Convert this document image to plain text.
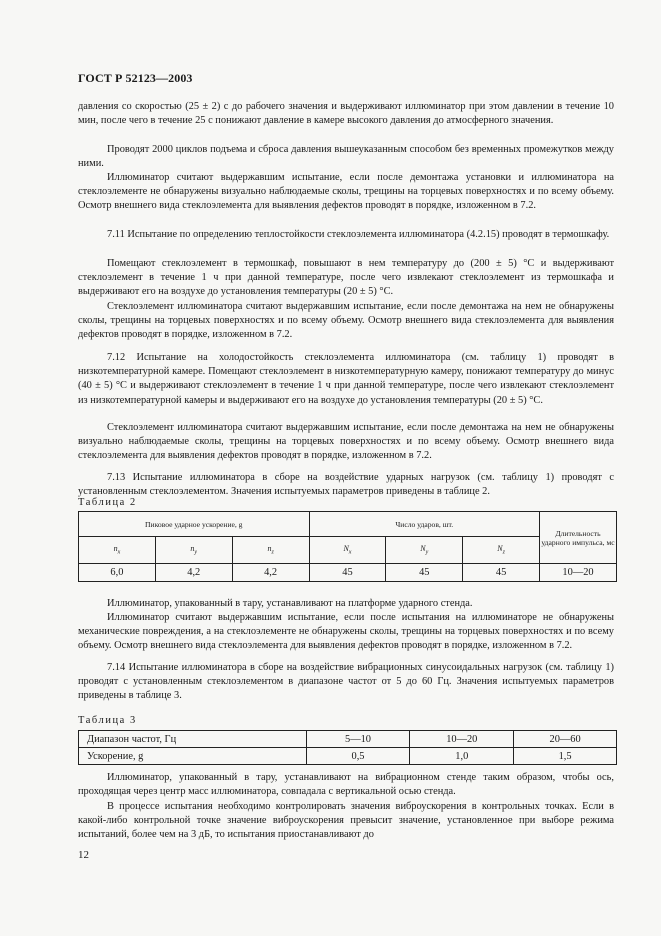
ГОСТ Р 52123—2003

давления со скоростью (25 ± 2) с до рабочего значения и выдерживают иллюминатор при этом давлении в течение 10 мин, после чего в течение 25 с понижают давление в камере высокого давления до атмосферного значения.

Проводят 2000 циклов подъема и сброса давления вышеуказанным способом без временных промежутков между ними.

Иллюминатор считают выдержавшим испытание, если после демонтажа установки и иллюминатора на стеклоэлементе не обнаружены визуально наблюдаемые сколы, трещины на торцевых поверхностях и по всему объему. Осмотр внешнего вида стеклоэлемента для выявления дефектов проводят в порядке, изложенном в 7.2.

7.11 Испытание по определению теплостойкости стеклоэлемента иллюминатора (4.2.15) проводят в термошкафу.

Помещают стеклоэлемент в термошкаф, повышают в нем температуру до (200 ± 5) °С и выдерживают стеклоэлемент в течение 1 ч при данной температуре, после чего извлекают стеклоэлемент из термошкафа и выдерживают его на воздухе до установления температуры (20 ± 5) °С.

Стеклоэлемент иллюминатора считают выдержавшим испытание, если после демонтажа на нем не обнаружены сколы, трещины на торцевых поверхностях и по всему объему. Осмотр внешнего вида стеклоэлемента для выявления дефектов проводят в порядке, изложенном в 7.2.

7.12 Испытание на холодостойкость стеклоэлемента иллюминатора (см. таблицу 1) проводят в низкотемпературной камере. Помещают стеклоэлемент в низкотемпературную камеру, понижают температуру до минус (40 ± 5) °С и выдерживают стеклоэлемент в течение 1 ч при данной температуре, после чего извлекают стеклоэлемент из низкотемпературной камеры и выдерживают его на воздухе до установления температуры (20 ± 5) °С.

Стеклоэлемент иллюминатора считают выдержавшим испытание, если после демонтажа на нем не обнаружены визуально наблюдаемые сколы, трещины на торцевых поверхностях и по всему объему. Осмотр внешнего вида стеклоэлемента для выявления дефектов проводят в порядке, изложенном в 7.2.

7.13 Испытание иллюминатора в сборе на воздействие ударных нагрузок (см. таблицу 1) проводят с установленным стеклоэлементом. Значения испытуемых параметров приведены в таблице 2.

Таблица 2
Пиковое ударное ускорение, g			Число ударов, шт.			Длительность ударного импульса, мс
$n_x$	$n_y$	$n_z$	$N_x$	$N_y$	$N_z$
6,0	4,2	4,2	45	45	45	10—20

Иллюминатор, упакованный в тару, устанавливают на платформе ударного стенда.

Иллюминатор считают выдержавшим испытание, если после испытания на иллюминаторе не обнаружены механические повреждения, а на стеклоэлементе не обнаружены сколы, трещины на торцевых поверхностях и по всему объему. Осмотр внешнего вида стеклоэлемента для выявления дефектов проводят в порядке, изложенном в 7.2.

7.14 Испытание иллюминатора в сборе на воздействие вибрационных синусоидальных нагрузок (см. таблицу 1) проводят с установленным стеклоэлементом в диапазоне частот от 5 до 60 Гц. Значения испытуемых параметров приведены в таблице 3.

Таблица 3
Диапазон частот, Гц	5—10	10—20	20—60
Ускорение, g	0,5	1,0	1,5

Иллюминатор, упакованный в тару, устанавливают на вибрационном стенде таким образом, чтобы ось, проходящая через центр масс иллюминатора, совпадала с вертикальной осью стенда.

В процессе испытания необходимо контролировать значения виброускорения в контрольных точках. Если в какой-либо контрольной точке значение виброускорения превысит значение, установленное при выборе режима испытаний, более чем на 3 дБ, то испытания приостанавливают до

12
